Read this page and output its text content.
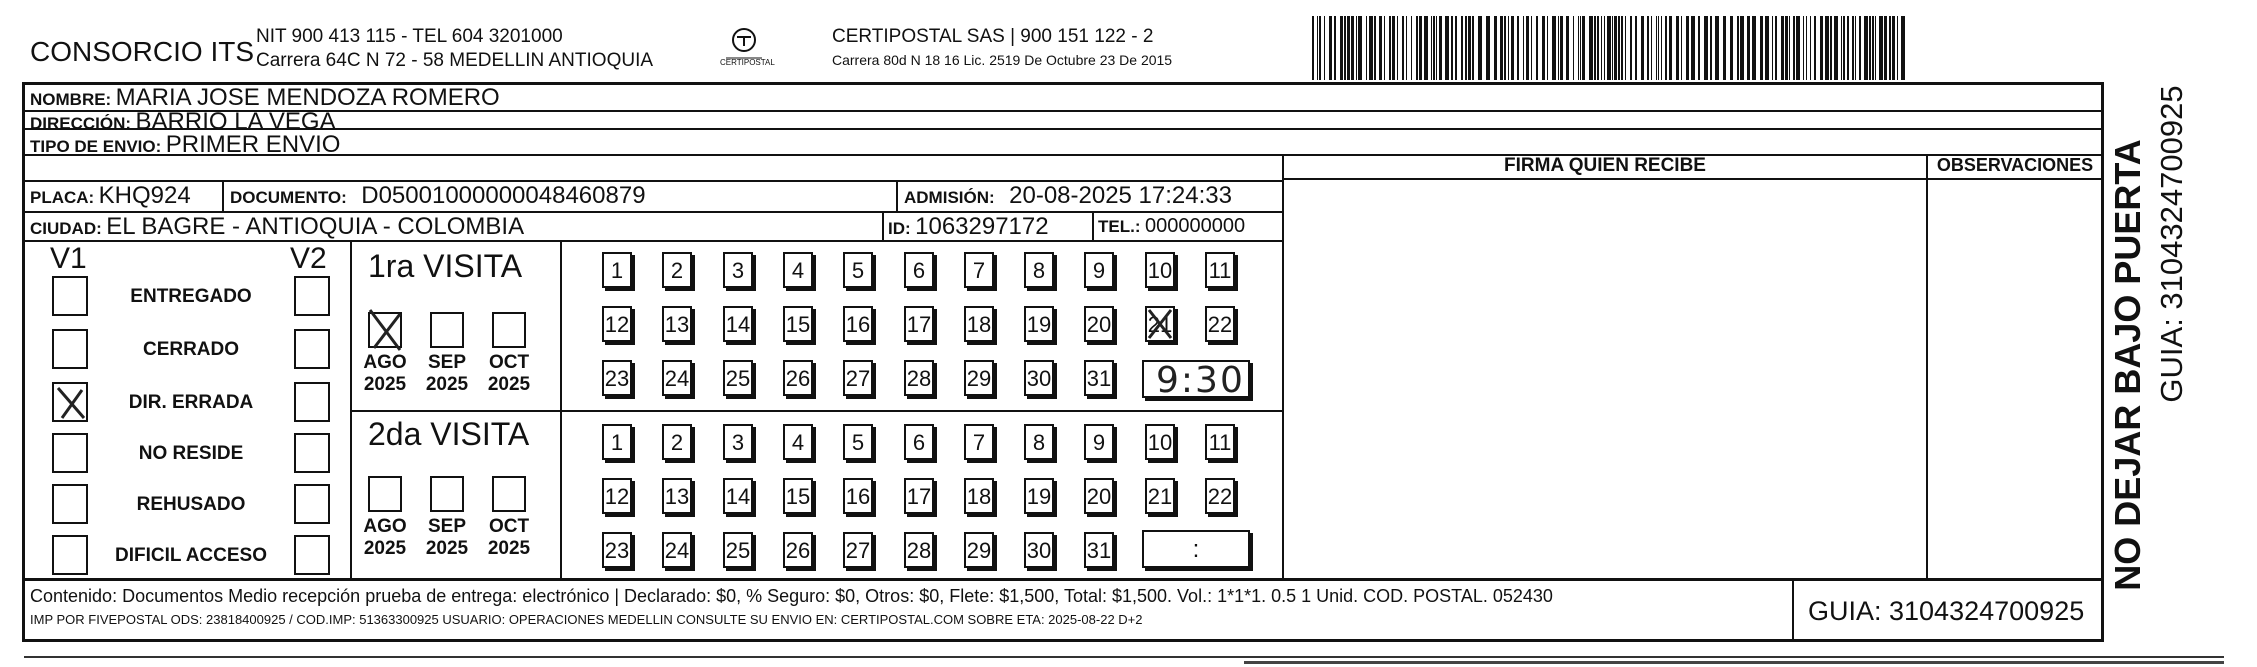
CONSORCIO ITS NIT 900 413 115 - TEL 604 3201000
Carrera 64C N 72 - 58 MEDELLIN ANTIOQUIA	CERTIPOSTAL
CERTIPOSTAL SAS | 900 151 122 - 2
Carrera 80d N 18 16 Lic. 2519 De Octubre 23 De 2015
NOMBRE: MARIA JOSE MENDOZA ROMERO
DIRECCIÓN: BARRIO LA VEGA
TIPO DE ENVIO: PRIMER ENVIO
FIRMA QUIEN RECIBE	OBSERVACIONES
PLACA: KHQ924 DOCUMENTO: D05001000000048460879	ADMISIÓN: 20-08-2025 17:24:33
CIUDAD: EL BAGRE - ANTIOQUIA - COLOMBIA	ID: 1063297172	TEL.: 000000000
V1	V2
ENTREGADO
CERRADO
DIR. ERRADA
NO RESIDE
REHUSADO
DIFICIL ACCESO
1ra VISITA
2da VISITA
AGO
2025
SEP
2025
OCT
2025
AGO
2025
SEP
2025
OCT
2025
1	2	3	4	5	6	7	8	9	10 11
12 13 14 15 16 17 18 19 20 21 22
23 24 25 26 27 28 29 30 31
1	2	3	4	5	6	7	8	9	10 11
12 13 14 15 16 17 18 19 20 21 22
23 24 25 26 27 28 29 30 31
9:30
:
Contenido: Documentos Medio recepción prueba de entrega: electrónico | Declarado: $0, % Seguro: $0, Otros: $0, Flete: $1,500, Total: $1,500. Vol.: 1*1*1. 0.5 1 Unid. COD. POSTAL. 052430
IMP POR FIVEPOSTAL ODS: 23818400925 / COD.IMP: 51363300925 USUARIO: OPERACIONES MEDELLIN CONSULTE SU ENVIO EN: CERTIPOSTAL.COM SOBRE ETA: 2025-08-22 D+2	GUIA: 3104324700925
NO DEJAR BAJO PUERTA GUIA: 3104324700925
